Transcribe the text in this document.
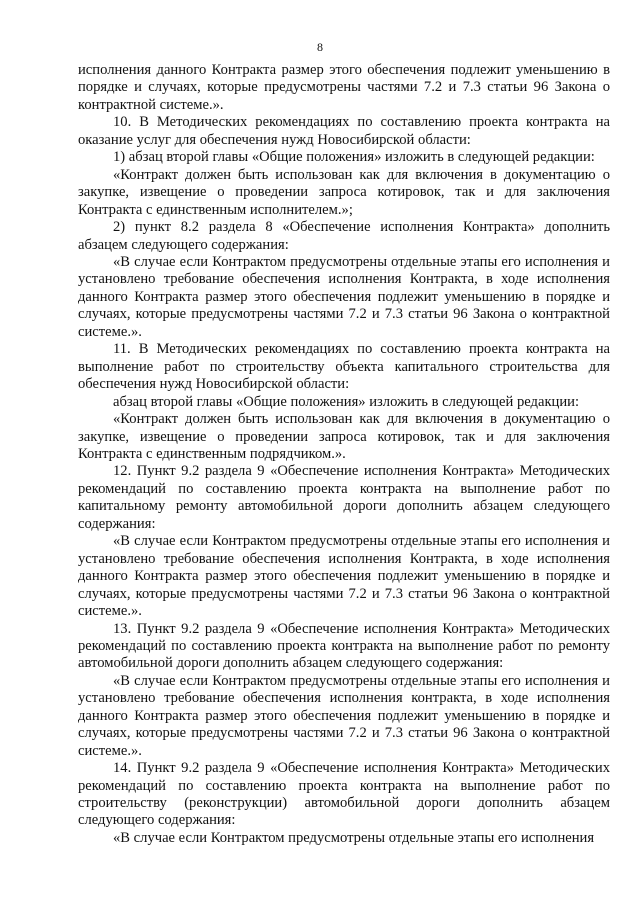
8

исполнения данного Контракта размер этого обеспечения подлежит уменьшению в порядке и случаях, которые предусмотрены частями 7.2 и 7.3 статьи 96 Закона о контрактной системе.».

10. В Методических рекомендациях по составлению проекта контракта на оказание услуг для обеспечения нужд Новосибирской области:

1) абзац второй главы «Общие положения» изложить в следующей редакции:

«Контракт должен быть использован как для включения в документацию о закупке, извещение о проведении запроса котировок, так и для заключения Контракта с единственным исполнителем.»;

2) пункт 8.2 раздела 8 «Обеспечение исполнения Контракта» дополнить абзацем следующего содержания:

«В случае если Контрактом предусмотрены отдельные этапы его исполнения и установлено требование обеспечения исполнения Контракта, в ходе исполнения данного Контракта размер этого обеспечения подлежит уменьшению в порядке и случаях, которые предусмотрены частями 7.2 и 7.3 статьи 96 Закона о контрактной системе.».

11. В Методических рекомендациях по составлению проекта контракта на выполнение работ по строительству объекта капитального строительства для обеспечения нужд Новосибирской области:

абзац второй главы «Общие положения» изложить в следующей редакции:

«Контракт должен быть использован как для включения в документацию о закупке, извещение о проведении запроса котировок, так и для заключения Контракта с единственным подрядчиком.».

12. Пункт 9.2 раздела 9 «Обеспечение исполнения Контракта» Методических рекомендаций по составлению проекта контракта на выполнение работ по капитальному ремонту автомобильной дороги дополнить абзацем следующего содержания:

«В случае если Контрактом предусмотрены отдельные этапы его исполнения и установлено требование обеспечения исполнения Контракта, в ходе исполнения данного Контракта размер этого обеспечения подлежит уменьшению в порядке и случаях, которые предусмотрены частями 7.2 и 7.3 статьи 96 Закона о контрактной системе.».

13. Пункт 9.2 раздела 9 «Обеспечение исполнения Контракта» Методических рекомендаций по составлению проекта контракта на выполнение работ по ремонту автомобильной дороги дополнить абзацем следующего содержания:

«В случае если Контрактом предусмотрены отдельные этапы его исполнения и установлено требование обеспечения исполнения контракта, в ходе исполнения данного Контракта размер этого обеспечения подлежит уменьшению в порядке и случаях, которые предусмотрены частями 7.2 и 7.3 статьи 96 Закона о контрактной системе.».

14. Пункт 9.2 раздела 9 «Обеспечение исполнения Контракта» Методических рекомендаций по составлению проекта контракта на выполнение работ по строительству (реконструкции) автомобильной дороги дополнить абзацем следующего содержания:

«В случае если Контрактом предусмотрены отдельные этапы его исполнения
